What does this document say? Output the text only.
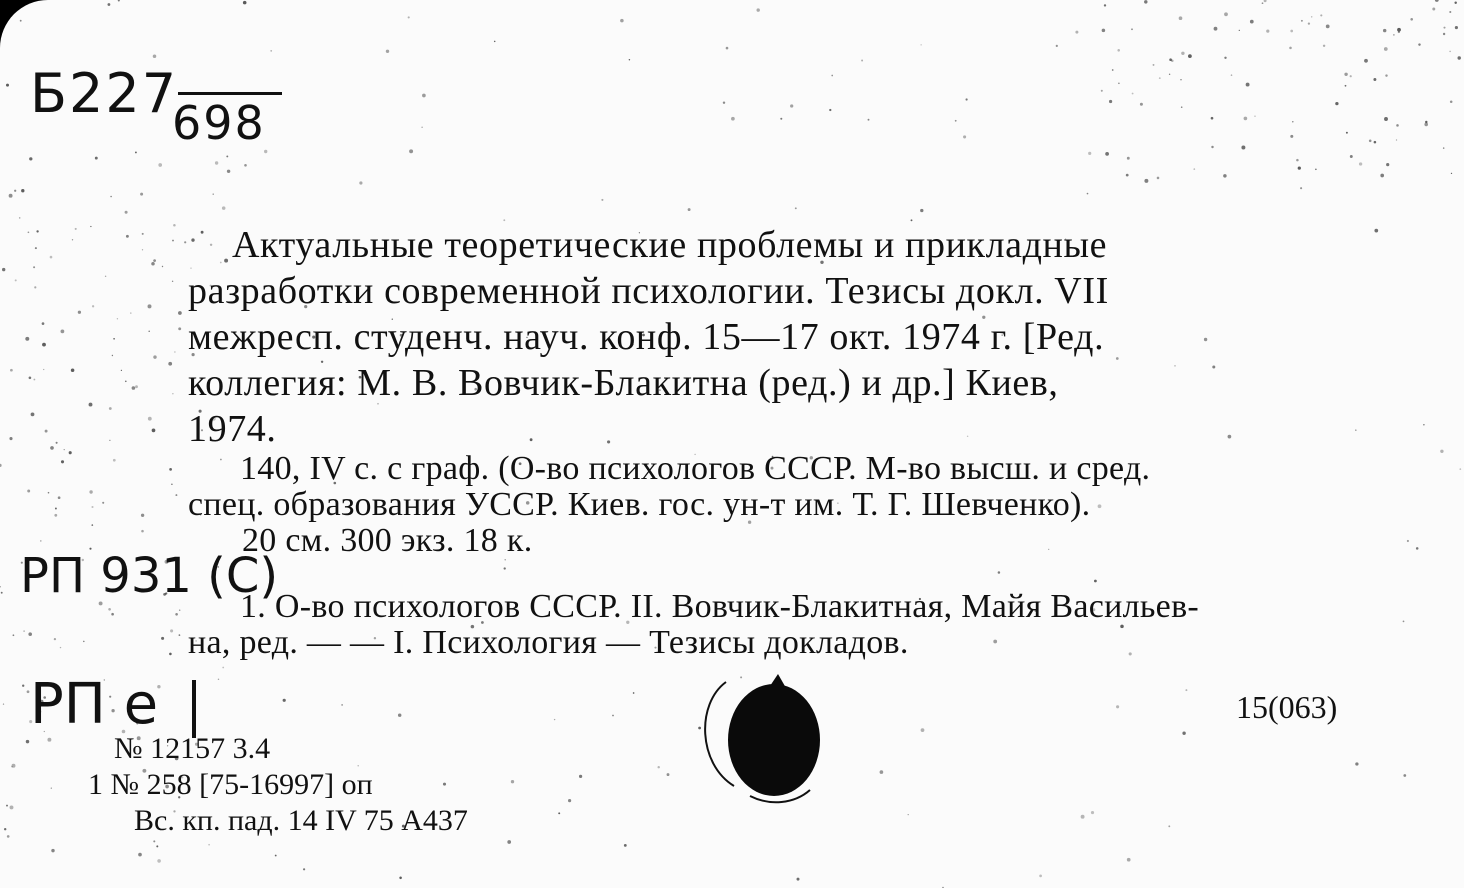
Б227
698
Актуальные теоретические проблемы и прикладные
разработки современной психологии. Тезисы докл. VII
межресп. студенч. науч. конф. 15—17 окт. 1974 г. [Ред.
коллегия: М. В. Вовчик-Блакитна (ред.) и др.] Киев,
1974.
140, IV с. с граф. (О-во психологов СССР. М-во высш. и сред.
спец. образования УССР. Киев. гос. ун-т им. Т. Г. Шевченко).
20 см. 300 экз. 18 к.
РП 931 (С)
1. О-во психологов СССР. II. Вовчик-Блакитная, Майя Васильев-
на, ред. — — I. Психология — Тезисы докладов.
РП е	15(063)
№ 12157 3.4
1 № 258 [75-16997] оп
Вс. кп. пад. 14 IV 75 А437
